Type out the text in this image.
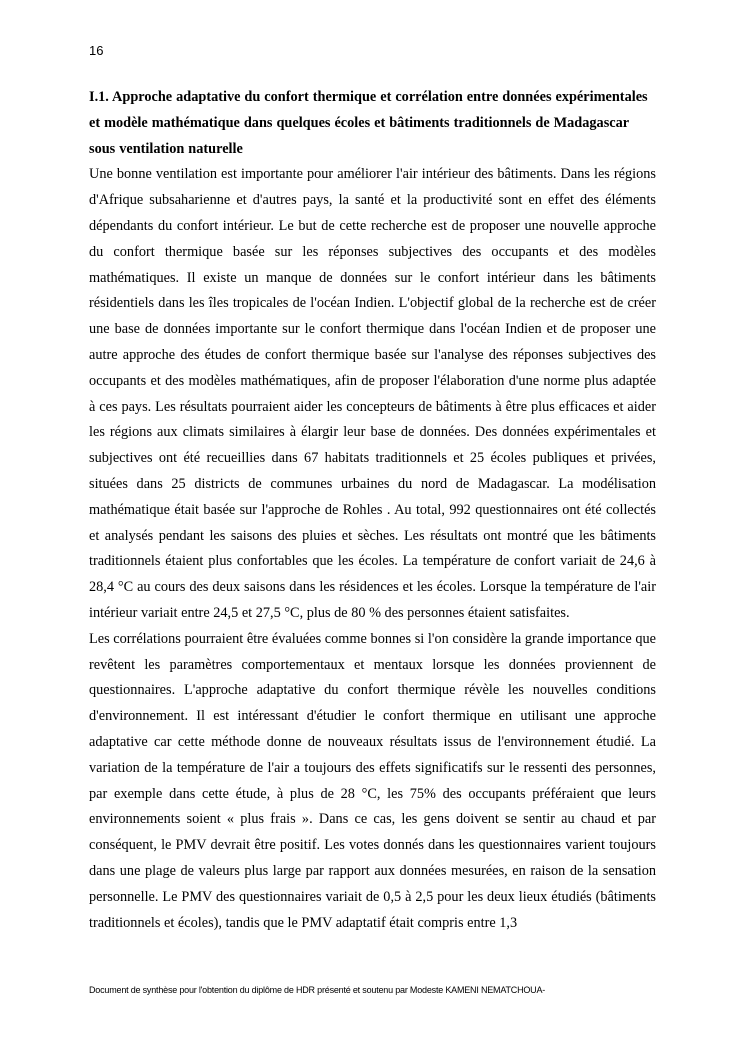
16

I.1. Approche adaptative du confort thermique et corrélation entre données expérimentales et modèle mathématique dans quelques écoles et bâtiments traditionnels de Madagascar sous ventilation naturelle

Une bonne ventilation est importante pour améliorer l'air intérieur des bâtiments. Dans les régions d'Afrique subsaharienne et d'autres pays, la santé et la productivité sont en effet des éléments dépendants du confort intérieur. Le but de cette recherche est de proposer une nouvelle approche du confort thermique basée sur les réponses subjectives des occupants et des modèles mathématiques. Il existe un manque de données sur le confort intérieur dans les bâtiments résidentiels dans les îles tropicales de l'océan Indien. L'objectif global de la recherche est de créer une base de données importante sur le confort thermique dans l'océan Indien et de proposer une autre approche des études de confort thermique basée sur l'analyse des réponses subjectives des occupants et des modèles mathématiques, afin de proposer l'élaboration d'une norme plus adaptée à ces pays. Les résultats pourraient aider les concepteurs de bâtiments à être plus efficaces et aider les régions aux climats similaires à élargir leur base de données. Des données expérimentales et subjectives ont été recueillies dans 67 habitats traditionnels et 25 écoles publiques et privées, situées dans 25 districts de communes urbaines du nord de Madagascar. La modélisation mathématique était basée sur l'approche de Rohles . Au total, 992 questionnaires ont été collectés et analysés pendant les saisons des pluies et sèches. Les résultats ont montré que les bâtiments traditionnels étaient plus confortables que les écoles. La température de confort variait de 24,6 à 28,4 °C au cours des deux saisons dans les résidences et les écoles. Lorsque la température de l'air intérieur variait entre 24,5 et 27,5 °C, plus de 80 % des personnes étaient satisfaites.

Les corrélations pourraient être évaluées comme bonnes si l'on considère la grande importance que revêtent les paramètres comportementaux et mentaux lorsque les données proviennent de questionnaires. L'approche adaptative du confort thermique révèle les nouvelles conditions d'environnement. Il est intéressant d'étudier le confort thermique en utilisant une approche adaptative car cette méthode donne de nouveaux résultats issus de l'environnement étudié. La variation de la température de l'air a toujours des effets significatifs sur le ressenti des personnes, par exemple dans cette étude, à plus de 28 °C, les 75% des occupants préféraient que leurs environnements soient « plus frais ». Dans ce cas, les gens doivent se sentir au chaud et par conséquent, le PMV devrait être positif. Les votes donnés dans les questionnaires varient toujours dans une plage de valeurs plus large par rapport aux données mesurées, en raison de la sensation personnelle. Le PMV des questionnaires variait de 0,5 à 2,5 pour les deux lieux étudiés (bâtiments traditionnels et écoles), tandis que le PMV adaptatif était compris entre 1,3

Document de synthèse pour l'obtention du diplôme de HDR présenté et soutenu par Modeste KAMENI NEMATCHOUA-
